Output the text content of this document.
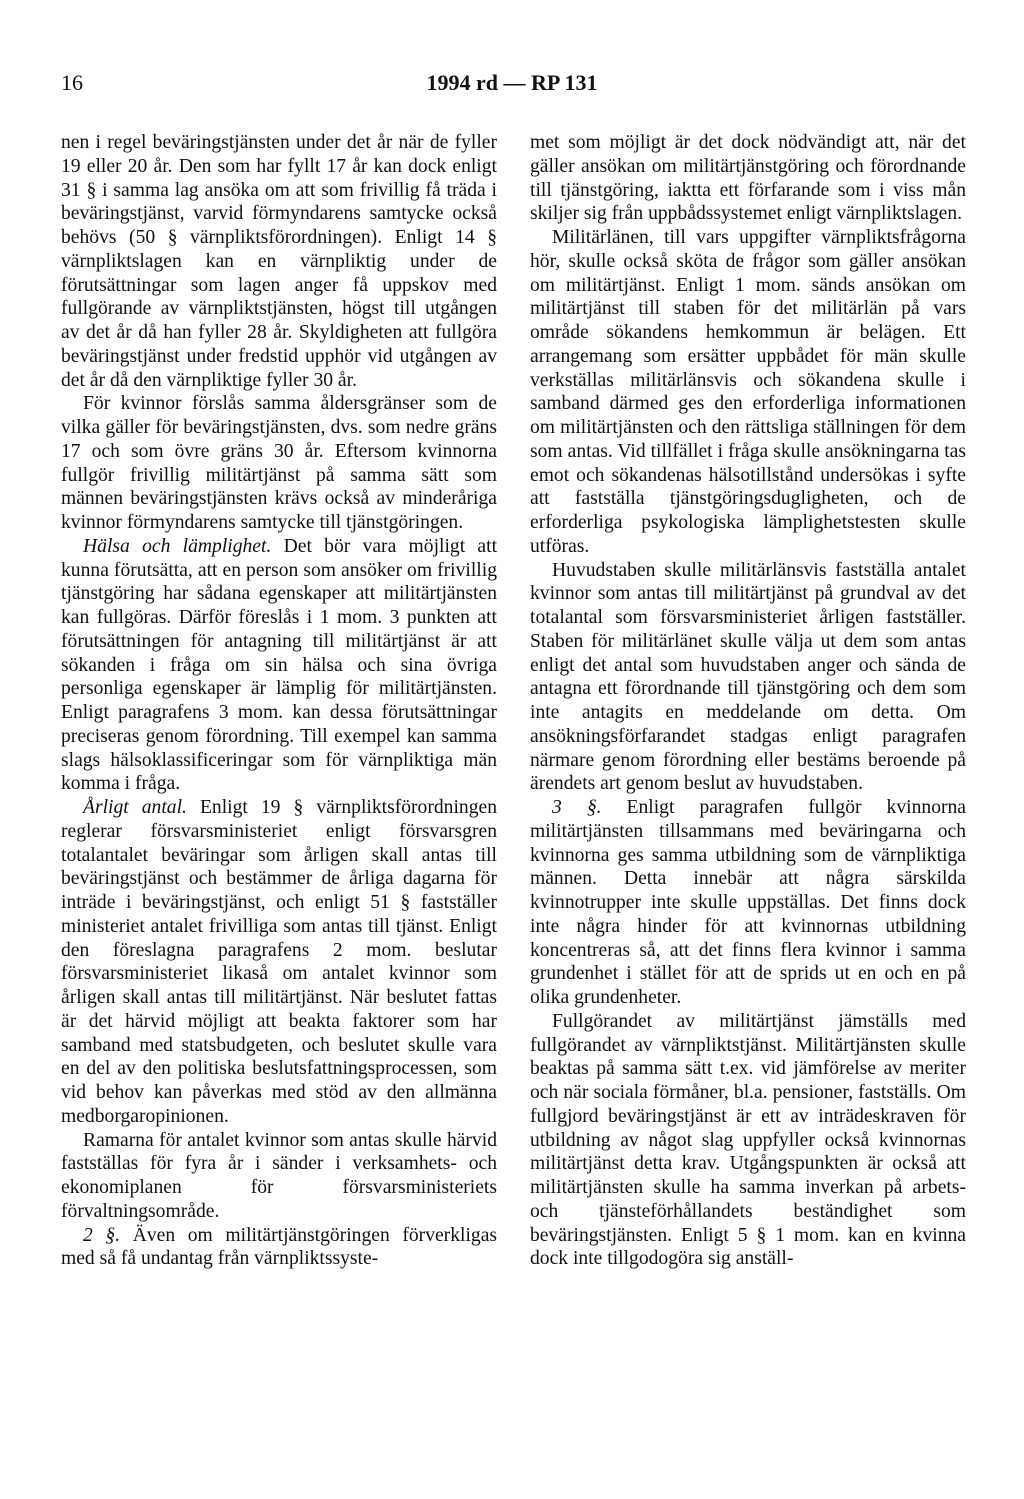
16	1994 rd — RP 131

nen i regel beväringstjänsten under det år när de fyller 19 eller 20 år. Den som har fyllt 17 år kan dock enligt 31 § i samma lag ansöka om att som frivillig få träda i beväringstjänst, varvid förmyndarens samtycke också behövs (50 § värnpliktsförordningen). Enligt 14 § värnpliktslagen kan en värnpliktig under de förutsättningar som lagen anger få uppskov med fullgörande av värnpliktstjänsten, högst till utgången av det år då han fyller 28 år. Skyldigheten att fullgöra beväringstjänst under fredstid upphör vid utgången av det år då den värnpliktige fyller 30 år.

För kvinnor förslås samma åldersgränser som de vilka gäller för beväringstjänsten, dvs. som nedre gräns 17 och som övre gräns 30 år. Eftersom kvinnorna fullgör frivillig militärtjänst på samma sätt som männen beväringstjänsten krävs också av minderåriga kvinnor förmyndarens samtycke till tjänstgöringen.

Hälsa och lämplighet. Det bör vara möjligt att kunna förutsätta, att en person som ansöker om frivillig tjänstgöring har sådana egenskaper att militärtjänsten kan fullgöras. Därför föreslås i 1 mom. 3 punkten att förutsättningen för antagning till militärtjänst är att sökanden i fråga om sin hälsa och sina övriga personliga egenskaper är lämplig för militärtjänsten. Enligt paragrafens 3 mom. kan dessa förutsättningar preciseras genom förordning. Till exempel kan samma slags hälsoklassificeringar som för värnpliktiga män komma i fråga.

Årligt antal. Enligt 19 § värnpliktsförordningen reglerar försvarsministeriet enligt försvarsgren totalantalet beväringar som årligen skall antas till beväringstjänst och bestämmer de årliga dagarna för inträde i beväringstjänst, och enligt 51 § fastställer ministeriet antalet frivilliga som antas till tjänst. Enligt den föreslagna paragrafens 2 mom. beslutar försvarsministeriet likaså om antalet kvinnor som årligen skall antas till militärtjänst. När beslutet fattas är det härvid möjligt att beakta faktorer som har samband med statsbudgeten, och beslutet skulle vara en del av den politiska beslutsfattningsprocessen, som vid behov kan påverkas med stöd av den allmänna medborgaropinionen.

Ramarna för antalet kvinnor som antas skulle härvid fastställas för fyra år i sänder i verksamhets- och ekonomiplanen för försvarsministeriets förvaltningsområde.

2 §. Även om militärtjänstgöringen förverkligas med så få undantag från värnpliktssyste-

met som möjligt är det dock nödvändigt att, när det gäller ansökan om militärtjänstgöring och förordnande till tjänstgöring, iaktta ett förfarande som i viss mån skiljer sig från uppbådssystemet enligt värnpliktslagen.

Militärlänen, till vars uppgifter värnpliktsfrågorna hör, skulle också sköta de frågor som gäller ansökan om militärtjänst. Enligt 1 mom. sänds ansökan om militärtjänst till staben för det militärlän på vars område sökandens hemkommun är belägen. Ett arrangemang som ersätter uppbådet för män skulle verkställas militärlänsvis och sökandena skulle i samband därmed ges den erforderliga informationen om militärtjänsten och den rättsliga ställningen för dem som antas. Vid tillfället i fråga skulle ansökningarna tas emot och sökandenas hälsotillstånd undersökas i syfte att fastställa tjänstgöringsdugligheten, och de erforderliga psykologiska lämplighetstesten skulle utföras.

Huvudstaben skulle militärlänsvis fastställa antalet kvinnor som antas till militärtjänst på grundval av det totalantal som försvarsministeriet årligen fastställer. Staben för militärlänet skulle välja ut dem som antas enligt det antal som huvudstaben anger och sända de antagna ett förordnande till tjänstgöring och dem som inte antagits en meddelande om detta. Om ansökningsförfarandet stadgas enligt paragrafen närmare genom förordning eller bestäms beroende på ärendets art genom beslut av huvudstaben.

3 §. Enligt paragrafen fullgör kvinnorna militärtjänsten tillsammans med beväringarna och kvinnorna ges samma utbildning som de värnpliktiga männen. Detta innebär att några särskilda kvinnotrupper inte skulle uppställas. Det finns dock inte några hinder för att kvinnornas utbildning koncentreras så, att det finns flera kvinnor i samma grundenhet i stället för att de sprids ut en och en på olika grundenheter.

Fullgörandet av militärtjänst jämställs med fullgörandet av värnpliktstjänst. Militärtjänsten skulle beaktas på samma sätt t.ex. vid jämförelse av meriter och när sociala förmåner, bl.a. pensioner, fastställs. Om fullgjord beväringstjänst är ett av inträdeskraven för utbildning av något slag uppfyller också kvinnornas militärtjänst detta krav. Utgångspunkten är också att militärtjänsten skulle ha samma inverkan på arbets- och tjänsteförhållandets beständighet som beväringstjänsten. Enligt 5 § 1 mom. kan en kvinna dock inte tillgodogöra sig anställ-
